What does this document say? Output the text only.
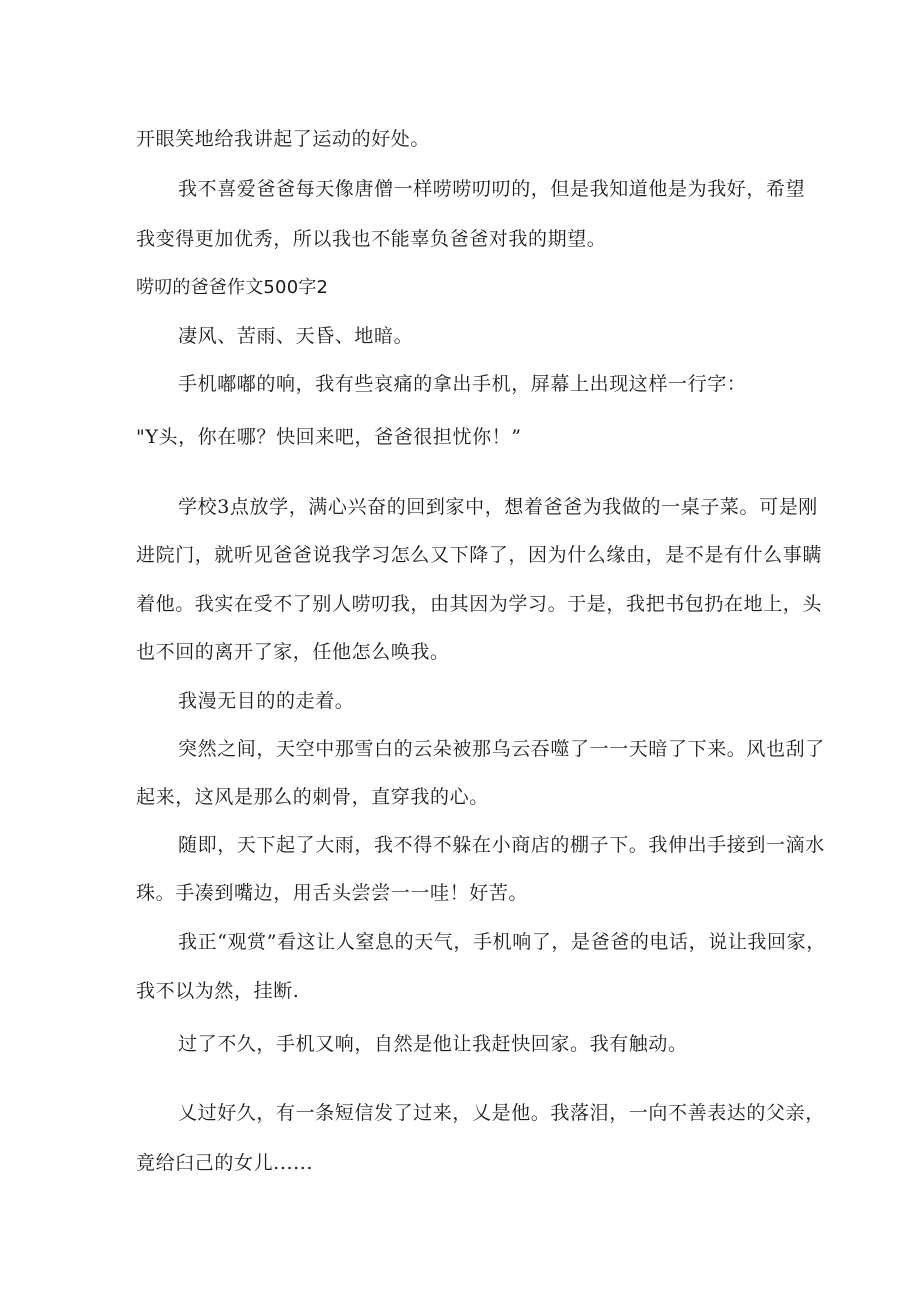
开眼笑地给我讲起了运动的好处。
我不喜爱爸爸每天像唐僧一样唠唠叨叨的，但是我知道他是为我好，希望
我变得更加优秀，所以我也不能辜负爸爸对我的期望。
唠叨的爸爸作文500字2
凄风、苦雨、天昏、地暗。
手机嘟嘟的响，我有些哀痛的拿出手机，屏幕上出现这样一行字：
"Y头，你在哪？快回来吧，爸爸很担忧你！”
学校3点放学，满心兴奋的回到家中，想着爸爸为我做的一桌子菜。可是刚
进院门，就听见爸爸说我学习怎么又下降了，因为什么缘由，是不是有什么事瞒
着他。我实在受不了别人唠叨我，由其因为学习。于是，我把书包扔在地上，头
也不回的离开了家，任他怎么唤我。
我漫无目的的走着。
突然之间，天空中那雪白的云朵被那乌云吞噬了一一天暗了下来。风也刮了
起来，这风是那么的刺骨，直穿我的心。
随即，天下起了大雨，我不得不躲在小商店的棚子下。我伸出手接到一滴水
珠。手凑到嘴边，用舌头尝尝一一哇！好苦。
我正“观赏”看这让人窒息的天气，手机响了，是爸爸的电话，说让我回家，
我不以为然，挂断.
过了不久，手机又响，自然是他让我赶快回家。我有触动。
乂过好久，有一条短信发了过来，乂是他。我落泪，一向不善表达的父亲，
竟给臼己的女儿......
